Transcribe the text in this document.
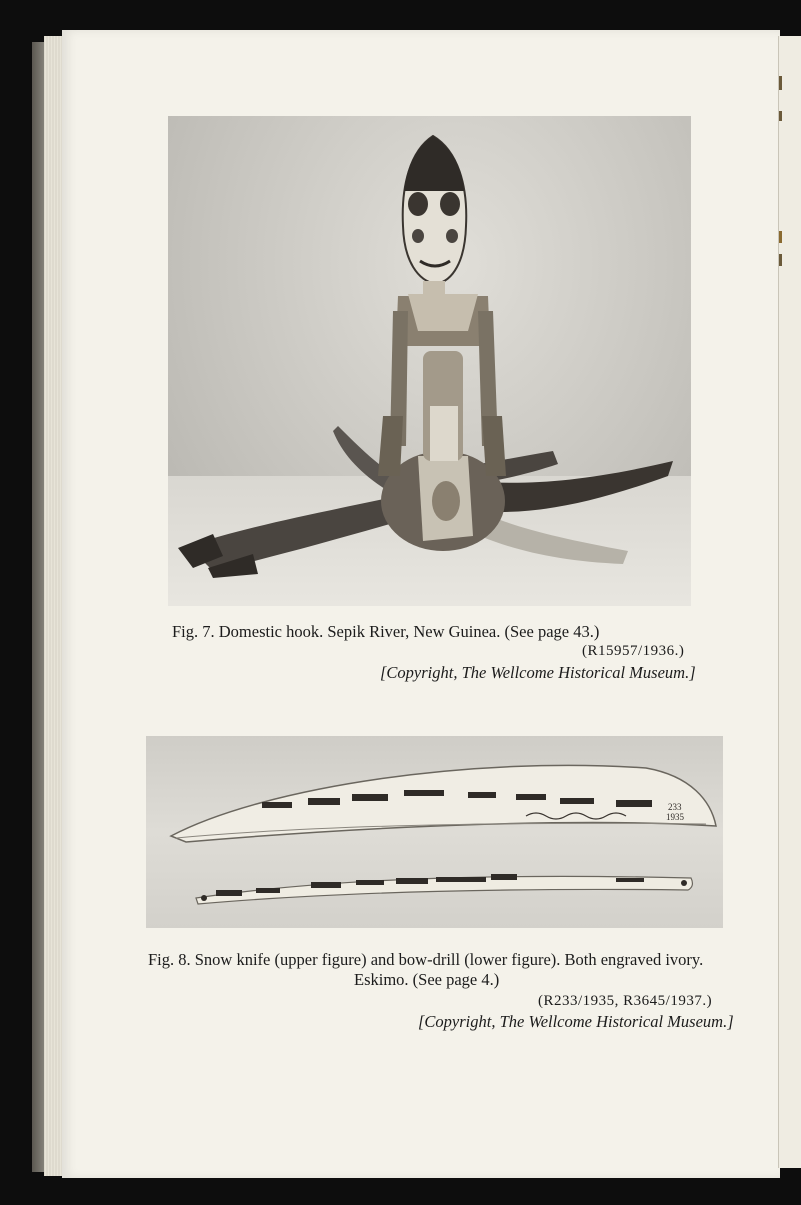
Fig. 7. Domestic hook. Sepik River, New Guinea. (See page 43.)
(R15957/1936.)
[Copyright, The Wellcome Historical Museum.]
233
1935
Fig. 8. Snow knife (upper figure) and bow-drill (lower figure). Both engraved ivory.
Eskimo. (See page 4.)
(R233/1935, R3645/1937.)
[Copyright, The Wellcome Historical Museum.]
